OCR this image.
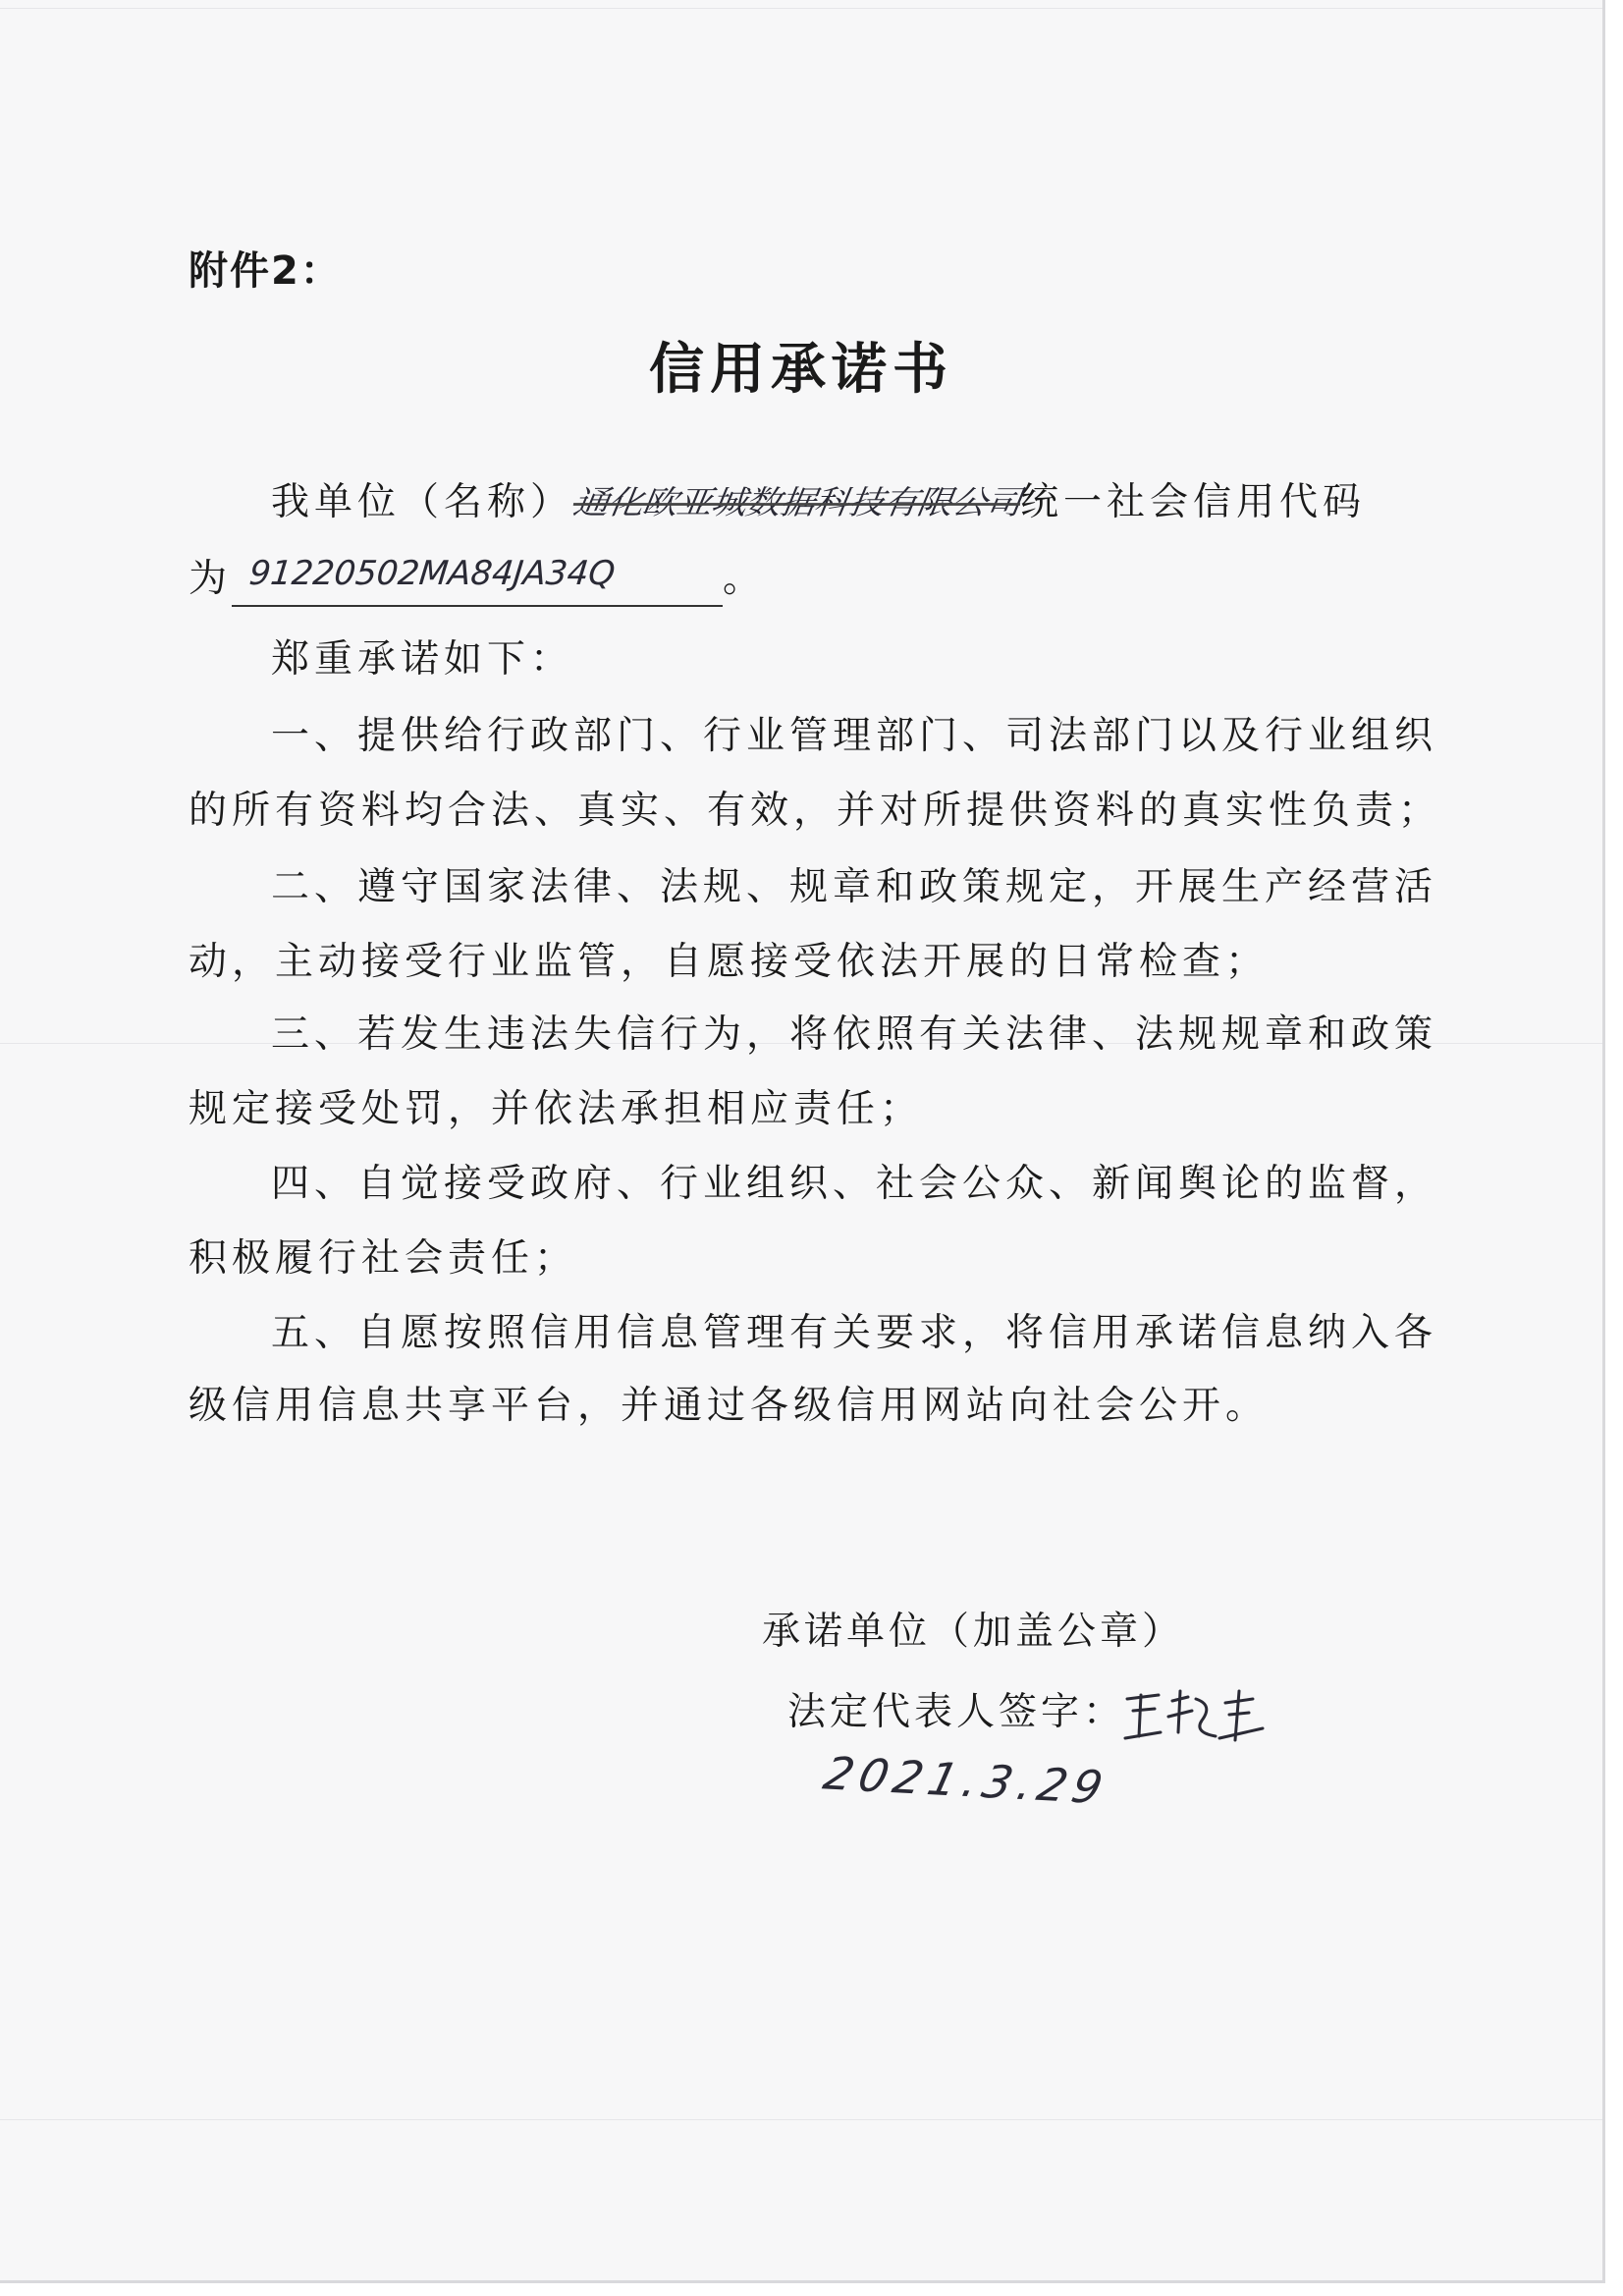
附件2：
信用承诺书
我单位（名称）通化欧亚城数据科技有限公司统一社会信用代码
为 91220502MA84JA34Q	。
郑重承诺如下：
一、提供给行政部门、行业管理部门、司法部门以及行业组织
的所有资料均合法、真实、有效，并对所提供资料的真实性负责；
二、遵守国家法律、法规、规章和政策规定，开展生产经营活
动，主动接受行业监管，自愿接受依法开展的日常检查；
三、若发生违法失信行为，将依照有关法律、法规规章和政策
规定接受处罚，并依法承担相应责任；
四、自觉接受政府、行业组织、社会公众、新闻舆论的监督，
积极履行社会责任；
五、自愿按照信用信息管理有关要求，将信用承诺信息纳入各
级信用信息共享平台，并通过各级信用网站向社会公开。
承诺单位（加盖公章）
法定代表人签字：
2021.3.29
